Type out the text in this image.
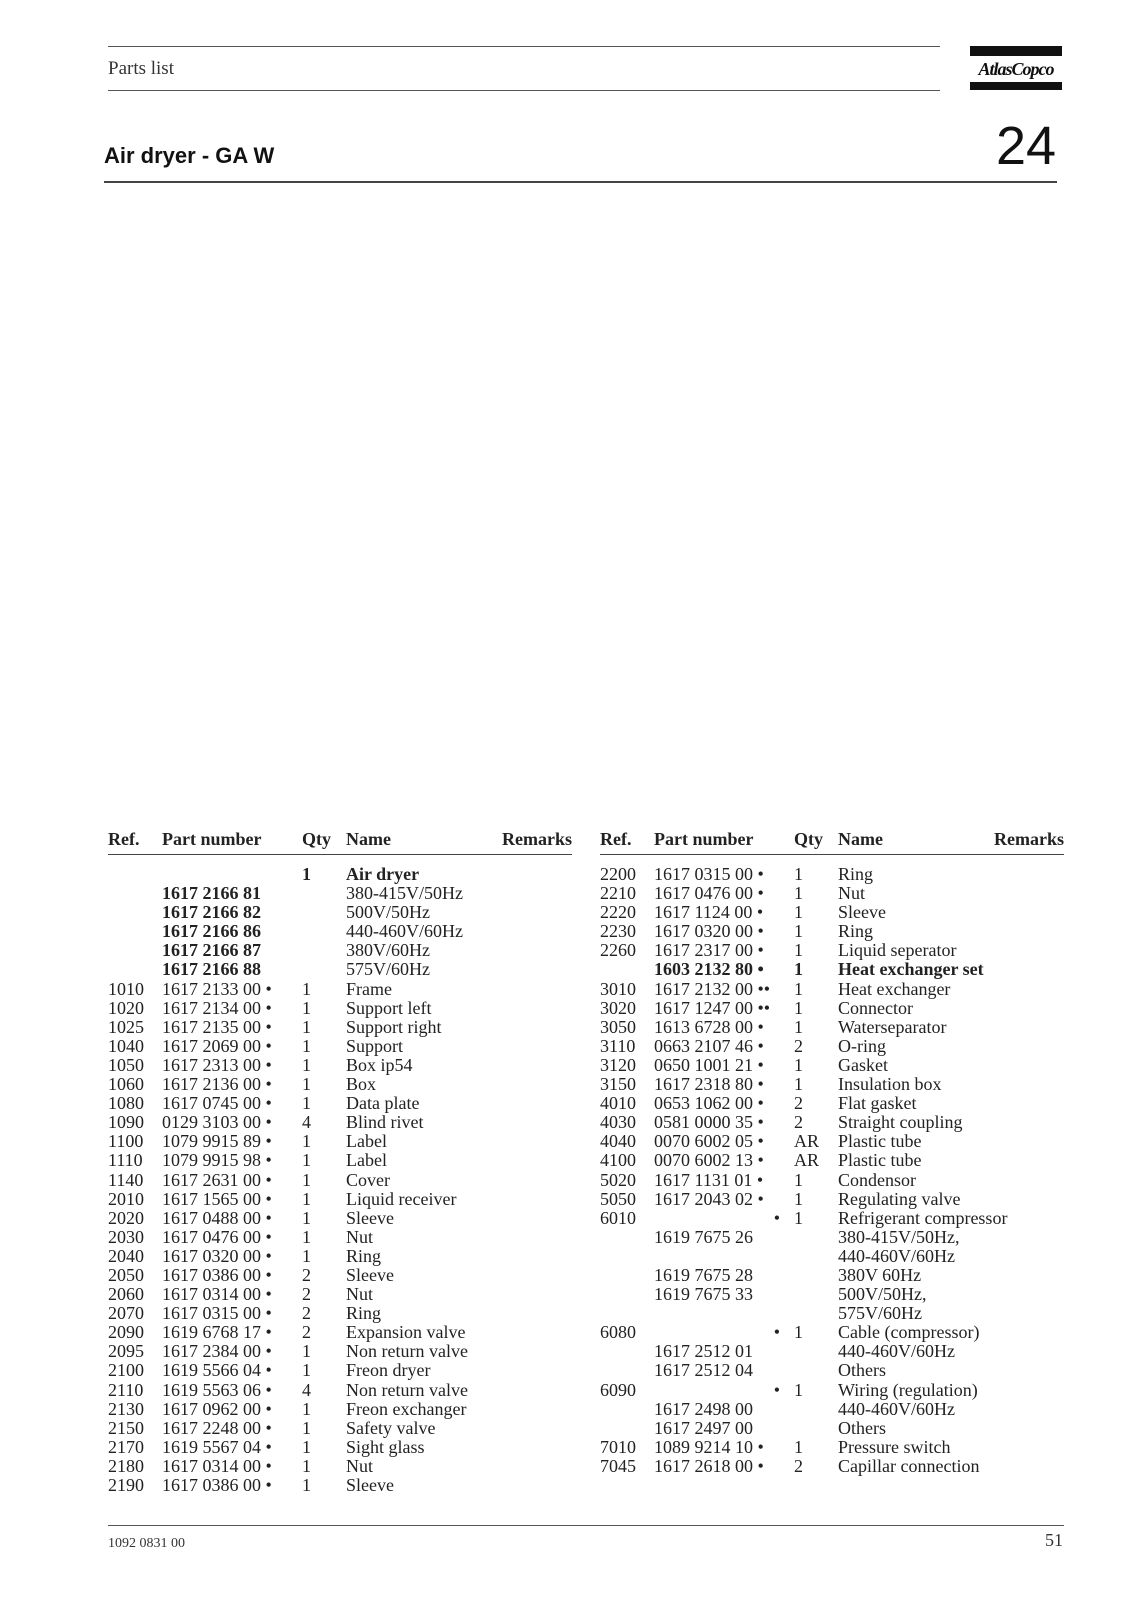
Parts list	AtlasCopco
Air dryer - GA W	24
Ref.	Part number	Qty	Name	Remarks

		1	Air dryer	
	1617 2166 81		380-415V/50Hz	
	1617 2166 82		500V/50Hz	
	1617 2166 86		440-460V/60Hz	
	1617 2166 87		380V/60Hz	
	1617 2166 88		575V/60Hz	
1010	1617 2133 00 •	1	Frame	
1020	1617 2134 00 •	1	Support left	
1025	1617 2135 00 •	1	Support right	
1040	1617 2069 00 •	1	Support	
1050	1617 2313 00 •	1	Box ip54	
1060	1617 2136 00 •	1	Box	
1080	1617 0745 00 •	1	Data plate	
1090	0129 3103 00 •	4	Blind rivet	
1100	1079 9915 89 •	1	Label	
1110	1079 9915 98 •	1	Label	
1140	1617 2631 00 •	1	Cover	
2010	1617 1565 00 •	1	Liquid receiver	
2020	1617 0488 00 •	1	Sleeve	
2030	1617 0476 00 •	1	Nut	
2040	1617 0320 00 •	1	Ring	
2050	1617 0386 00 •	2	Sleeve	
2060	1617 0314 00 •	2	Nut	
2070	1617 0315 00 •	2	Ring	
2090	1619 6768 17 •	2	Expansion valve	
2095	1617 2384 00 •	1	Non return valve	
2100	1619 5566 04 •	1	Freon dryer	
2110	1619 5563 06 •	4	Non return valve	
2130	1617 0962 00 •	1	Freon exchanger	
2150	1617 2248 00 •	1	Safety valve	
2170	1619 5567 04 •	1	Sight glass	
2180	1617 0314 00 •	1	Nut	
2190	1617 0386 00 •	1	Sleeve	
Ref.	Part number	Qty	Name	Remarks

2200	1617 0315 00 •	1	Ring	
2210	1617 0476 00 •	1	Nut	
2220	1617 1124 00 •	1	Sleeve	
2230	1617 0320 00 •	1	Ring	
2260	1617 2317 00 •	1	Liquid seperator	
	1603 2132 80 •	1	Heat exchanger set	
3010	1617 2132 00 ••	1	Heat exchanger	
3020	1617 1247 00 ••	1	Connector	
3050	1613 6728 00 •	1	Waterseparator	
3110	0663 2107 46 •	2	O-ring	
3120	0650 1001 21 •	1	Gasket	
3150	1617 2318 80 •	1	Insulation box	
4010	0653 1062 00 •	2	Flat gasket	
4030	0581 0000 35 •	2	Straight coupling	
4040	0070 6002 05 •	AR	Plastic tube	
4100	0070 6002 13 •	AR	Plastic tube	
5020	1617 1131 01 •	1	Condensor	
5050	1617 2043 02 •	1	Regulating valve	
6010	•	1	Refrigerant compressor	
	1619 7675 26		380-415V/50Hz,	
			440-460V/60Hz	
	1619 7675 28		380V 60Hz	
	1619 7675 33		500V/50Hz,	
			575V/60Hz	
6080	•	1	Cable (compressor)	
	1617 2512 01		440-460V/60Hz	
	1617 2512 04		Others	
6090	•	1	Wiring (regulation)	
	1617 2498 00		440-460V/60Hz	
	1617 2497 00		Others	
7010	1089 9214 10 •	1	Pressure switch	
7045	1617 2618 00 •	2	Capillar connection	
1092 0831 00	51
